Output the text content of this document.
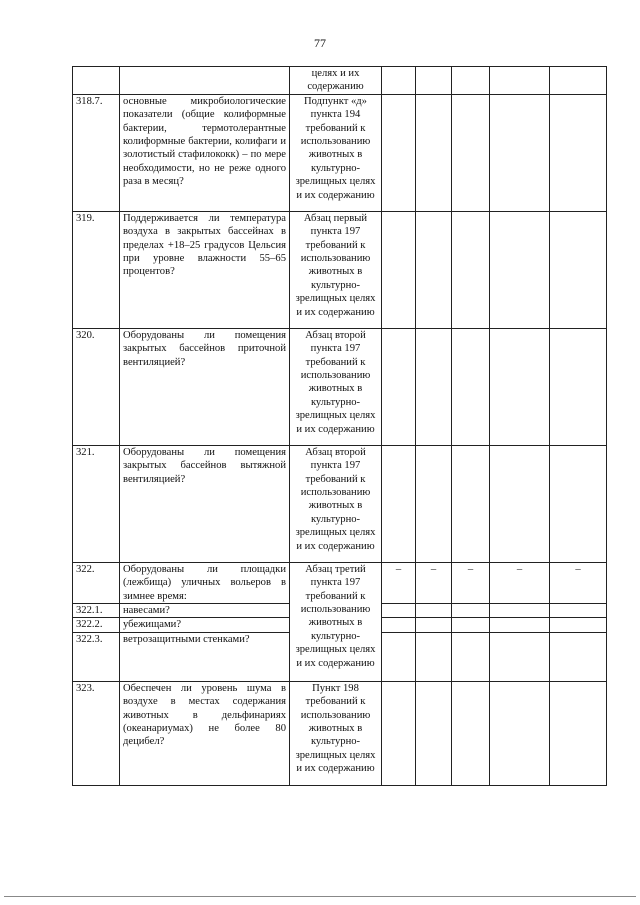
77
		целях и их содержанию					
318.7.	основные микробиологические показатели (общие колиформные бактерии, термотолерантные колиформные бактерии, колифаги и золотистый стафилококк) – по мере необходимости, но не реже одного раза в месяц?	Подпункт «д» пункта 194 требований к использованию животных в культурно-зрелищных целях и их содержанию					
319.	Поддерживается ли температура воздуха в закрытых бассейнах в пределах +18–25 градусов Цельсия при уровне влажности 55–65 процентов?	Абзац первый пункта 197 требований к использованию животных в культурно-зрелищных целях и их содержанию					
320.	Оборудованы ли помещения закрытых бассейнов приточной вентиляцией?	Абзац второй пункта 197 требований к использованию животных в культурно-зрелищных целях и их содержанию					
321.	Оборудованы ли помещения закрытых бассейнов вытяжной вентиляцией?	Абзац второй пункта 197 требований к использованию животных в культурно-зрелищных целях и их содержанию					
322.	Оборудованы ли площадки (лежбища) уличных вольеров в зимнее время:	Абзац третий пункта 197 требований к использованию животных в культурно-зрелищных целях и их содержанию	–	–	–	–	–
322.1.	навесами?						
322.2.	убежищами?						
322.3.	ветрозащитными стенками?						
323.	Обеспечен ли уровень шума в воздухе в местах содержания животных в дельфинариях (океанариумах) не более 80 децибел?	Пункт 198 требований к использованию животных в культурно-зрелищных целях и их содержанию					
